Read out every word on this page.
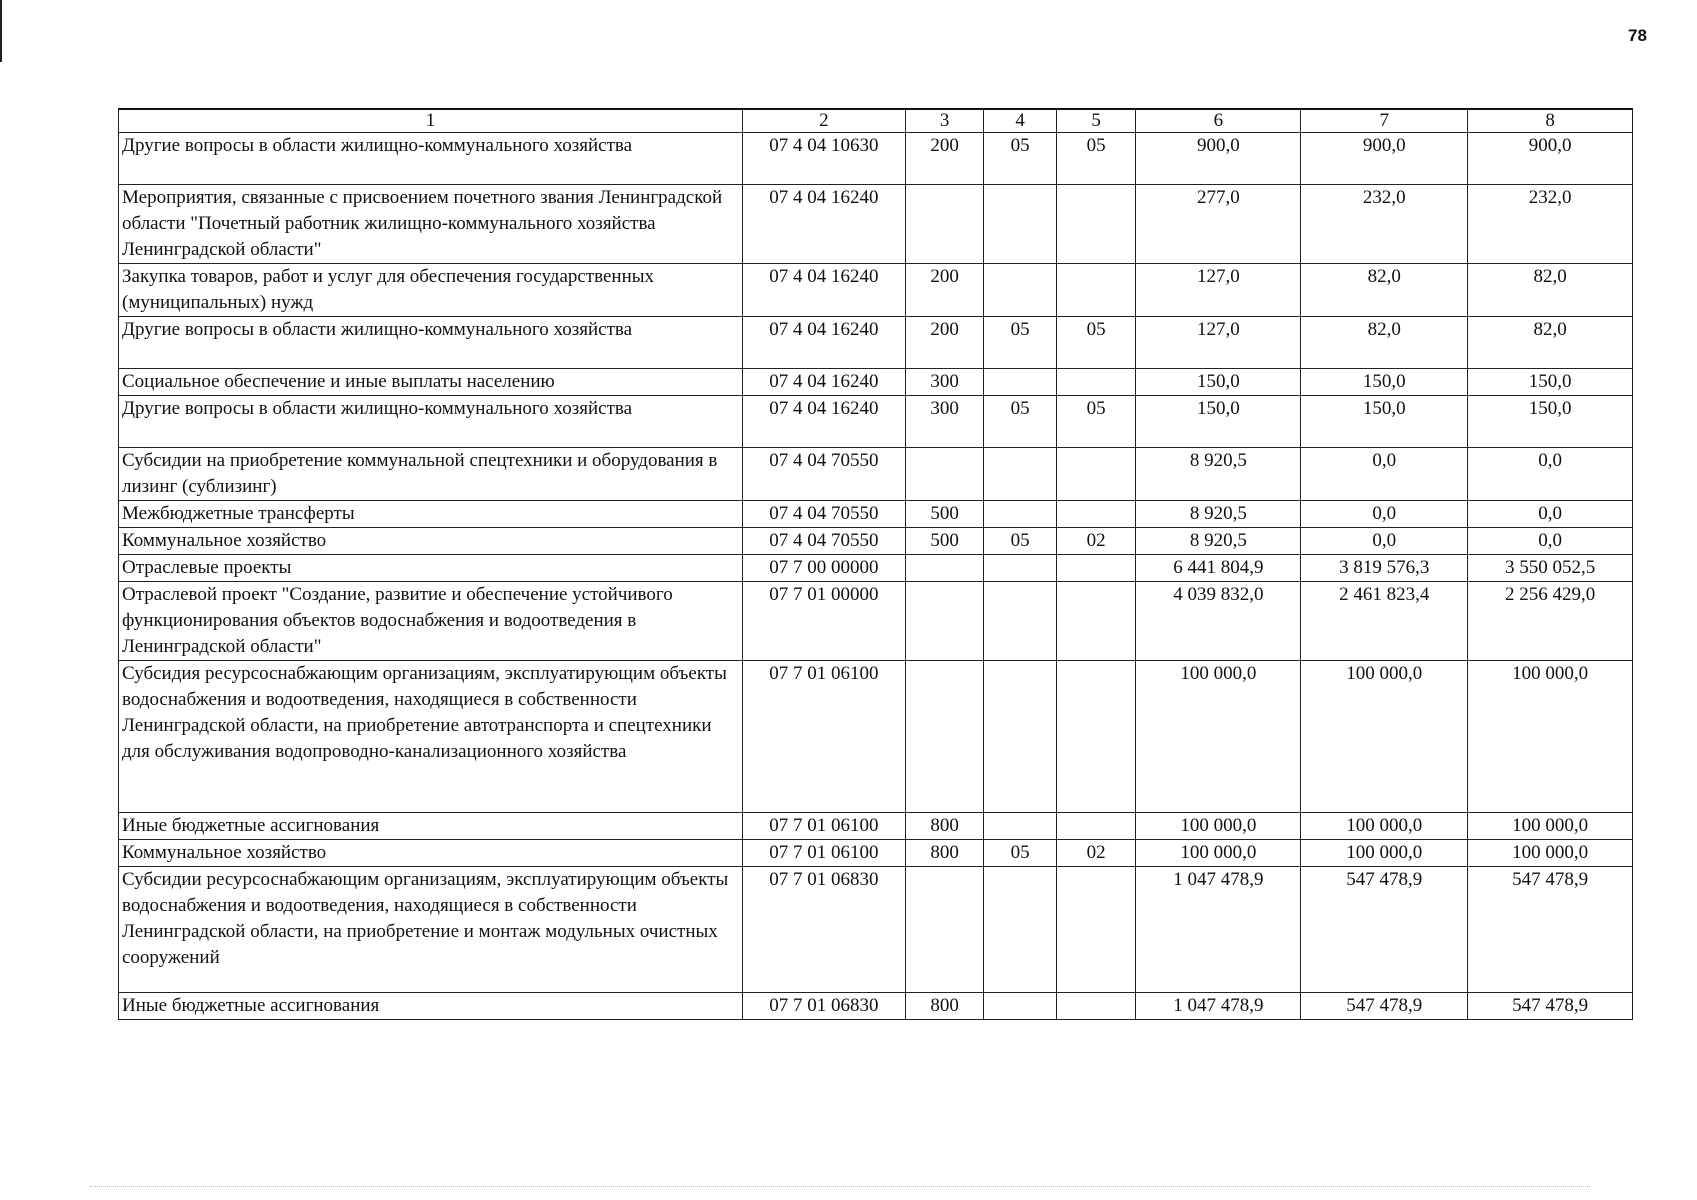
78
1	2	3	4	5	6	7	8
Другие вопросы в области жилищно-коммунального хозяйства	07 4 04 10630	200	05	05	900,0	900,0	900,0
Мероприятия, связанные с присвоением почетного звания Ленинградской области "Почетный работник жилищно-коммунального хозяйства Ленинградской области"	07 4 04 16240				277,0	232,0	232,0
Закупка товаров, работ и услуг для обеспечения государственных (муниципальных) нужд	07 4 04 16240	200			127,0	82,0	82,0
Другие вопросы в области жилищно-коммунального хозяйства	07 4 04 16240	200	05	05	127,0	82,0	82,0
Социальное обеспечение и иные выплаты населению	07 4 04 16240	300			150,0	150,0	150,0
Другие вопросы в области жилищно-коммунального хозяйства	07 4 04 16240	300	05	05	150,0	150,0	150,0
Субсидии на приобретение коммунальной спецтехники и оборудования в лизинг (сублизинг)	07 4 04 70550				8 920,5	0,0	0,0
Межбюджетные трансферты	07 4 04 70550	500			8 920,5	0,0	0,0
Коммунальное хозяйство	07 4 04 70550	500	05	02	8 920,5	0,0	0,0
Отраслевые проекты	07 7 00 00000				6 441 804,9	3 819 576,3	3 550 052,5
Отраслевой проект "Создание, развитие и обеспечение устойчивого функционирования объектов водоснабжения и водоотведения в Ленинградской области"	07 7 01 00000				4 039 832,0	2 461 823,4	2 256 429,0
Субсидия ресурсоснабжающим организациям, эксплуатирующим объекты водоснабжения и водоотведения, находящиеся в собственности Ленинградской области, на приобретение автотранспорта и спецтехники для обслуживания водопроводно-канализационного хозяйства	07 7 01 06100				100 000,0	100 000,0	100 000,0
Иные бюджетные ассигнования	07 7 01 06100	800			100 000,0	100 000,0	100 000,0
Коммунальное хозяйство	07 7 01 06100	800	05	02	100 000,0	100 000,0	100 000,0
Субсидии ресурсоснабжающим организациям, эксплуатирующим объекты водоснабжения и водоотведения, находящиеся в собственности Ленинградской области, на приобретение и монтаж модульных очистных сооружений	07 7 01 06830				1 047 478,9	547 478,9	547 478,9
Иные бюджетные ассигнования	07 7 01 06830	800			1 047 478,9	547 478,9	547 478,9
